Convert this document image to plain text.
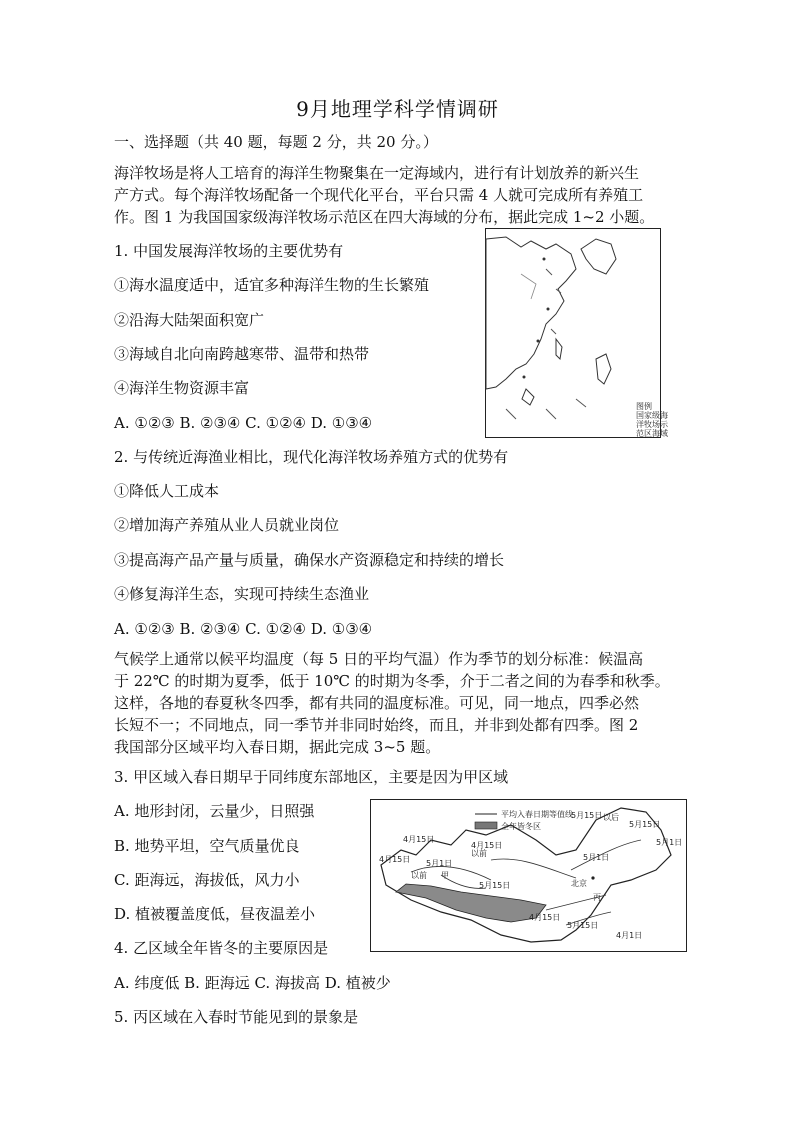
9月地理学科学情调研
一、选择题（共 40 题，每题 2 分，共 20 分。）
海洋牧场是将人工培育的海洋生物聚集在一定海域内，进行有计划放养的新兴生
产方式。每个海洋牧场配备一个现代化平台，平台只需 4 人就可完成所有养殖工
作。图 1 为我国国家级海洋牧场示范区在四大海域的分布，据此完成 1~2 小题。
1. 中国发展海洋牧场的主要优势有
①海水温度适中，适宜多种海洋生物的生长繁殖
②沿海大陆架面积宽广
③海域自北向南跨越寒带、温带和热带
④海洋生物资源丰富
A. ①②③ B. ②③④ C. ①②④ D. ①③④
图例
国家级海
洋牧场示
范区海域
2. 与传统近海渔业相比，现代化海洋牧场养殖方式的优势有
①降低人工成本
②增加海产养殖从业人员就业岗位
③提高海产品产量与质量，确保水产资源稳定和持续的增长
④修复海洋生态，实现可持续生态渔业
A. ①②③ B. ②③④ C. ①②④ D. ①③④
气候学上通常以候平均温度（每 5 日的平均气温）作为季节的划分标准：候温高
于 22℃ 的时期为夏季，低于 10℃ 的时期为冬季，介于二者之间的为春季和秋季。
这样，各地的春夏秋冬四季，都有共同的温度标准。可见，同一地点，四季必然
长短不一；不同地点，同一季节并非同时始终，而且，并非到处都有四季。图 2
我国部分区域平均入春日期，据此完成 3~5 题。
3. 甲区域入春日期早于同纬度东部地区，主要是因为甲区域
A. 地形封闭，云量少，日照强
B. 地势平坦，空气质量优良
C. 距海远，海拔低，风力小
D. 植被覆盖度低，昼夜温差小
4. 乙区域全年皆冬的主要原因是
A. 纬度低 B. 距海远 C. 海拔高 D. 植被少
5. 丙区域在入春时节能见到的景象是
平均入春日期等值线
全年皆冬区
4月15日
4月15日
以前
5月15日 以后
5月15日
5月1日
4月15日 5月1日
以前 甲
5月15日	北京
丙
5月15日
4月15日
4月1日
5月1日
